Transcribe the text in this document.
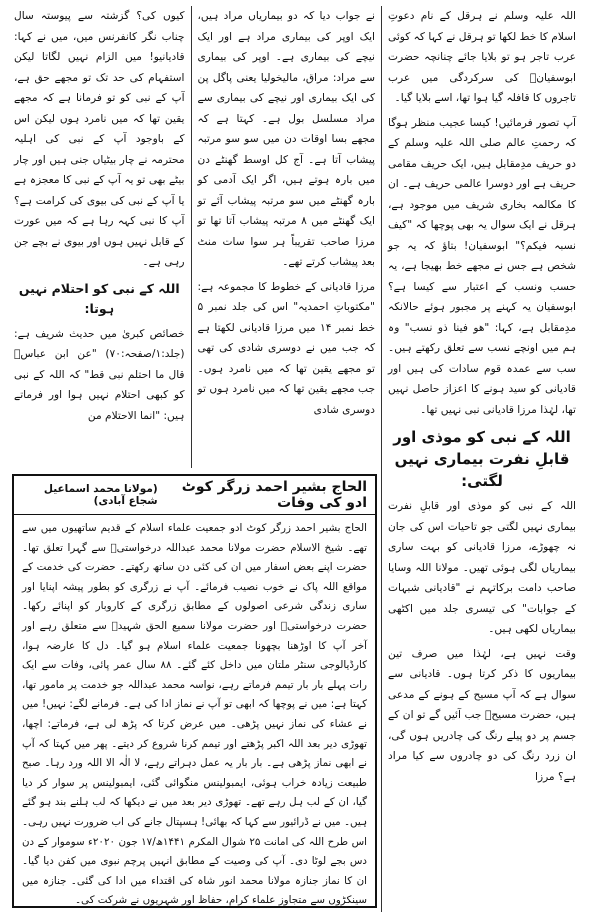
اللہ علیہ وسلم نے ہرقل کے نام دعوتِ اسلام کا خط لکھا تو ہرقل نے کہا کہ کوئی عرب تاجر ہو تو بلایا جائے چنانچہ حضرت ابوسفیانؓ کی سرکردگی میں عرب تاجروں کا قافلہ گیا ہوا تھا، اسے بلایا گیا۔

آپ تصور فرمائیں! کیسا عجیب منظر ہوگا کہ رحمتِ عالم صلی اللہ علیہ وسلم کے دو حریف مدِمقابل ہیں، ایک حریف مقامی حریف ہے اور دوسرا عالمی حریف ہے۔ ان کا مکالمہ بخاری شریف میں موجود ہے، ہرقل نے ایک سوال یہ بھی پوچھا کہ "کیف نسبہ فیکم؟" ابوسفیان! بتاؤ کہ یہ جو شخص ہے جس نے مجھے خط بھیجا ہے، یہ حسب ونسب کے اعتبار سے کیسا ہے؟ ابوسفیان یہ کہنے پر مجبور ہوئے حالانکہ مدِمقابل ہے، کہا: "ھو فینا ذو نسب" وہ ہم میں اونچے نسب سے تعلق رکھتے ہیں۔ سب سے عمدہ قوم سادات کی ہیں اور قادیانی کو سید ہونے کا اعزاز حاصل نہیں تھا، لہٰذا مرزا قادیانی نبی نہیں تھا۔

اللہ کے نبی کو موذی اور قابلِ نفرت بیماری نہیں لگتی:

اللہ کے نبی کو موذی اور قابلِ نفرت بیماری نہیں لگتی جو تاحیات اس کی جان نہ چھوڑے، مرزا قادیانی کو بہت ساری بیماریاں لگی ہوئی تھیں۔ مولانا اللہ وسایا صاحب دامت برکاتہم نے "قادیانی شبہات کے جوابات" کی تیسری جلد میں اکٹھی بیماریاں لکھی ہیں۔

وقت نہیں ہے، لہٰذا میں صرف تین بیماریوں کا ذکر کرتا ہوں۔ قادیانی سے سوال ہے کہ آپ مسیح کے ہونے کے مدعی ہیں، حضرت مسیحؑ جب آئیں گے تو ان کے جسم پر دو پیلے رنگ کی چادریں ہوں گی، ان زرد رنگ کی دو چادروں سے کیا مراد ہے؟ مرزا

نے جواب دیا کہ دو بیماریاں مراد ہیں، ایک اوپر کی بیماری مراد ہے اور ایک نیچے کی بیماری ہے۔ اوپر کی بیماری سے مراد: مراق، مالیخولیا یعنی پاگل پن کی ایک بیماری اور نیچے کی بیماری سے مراد مسلسل بول ہے۔ کہتا ہے کہ مجھے بسا اوقات دن میں سو سو مرتبہ پیشاب آتا ہے۔ آج کل اوسط گھنٹے دن میں بارہ ہوتے ہیں، اگر ایک آدمی کو بارہ گھنٹے میں سو مرتبہ پیشاب آئے تو ایک گھنٹے میں ۸ مرتبہ پیشاب آتا تھا تو مرزا صاحب تقریباً ہر سوا سات منٹ بعد پیشاب کرتے تھے۔

مرزا قادیانی کے خطوط کا مجموعہ ہے: "مکتوباتِ احمدیہ" اس کی جلد نمبر ۵ خط نمبر ۱۴ میں مرزا قادیانی لکھتا ہے کہ جب میں نے دوسری شادی کی تھی تو مجھے یقین تھا کہ میں نامرد ہوں۔ جب مجھے یقین تھا کہ میں نامرد ہوں تو دوسری شادی

کیوں کی؟ گزشتہ سے پیوستہ سال چناب نگر کانفرنس میں، میں نے کہا: قادیانیو! میں الزام نہیں لگاتا لیکن استفہام کی حد تک تو مجھے حق ہے، آپ کے نبی کو تو فرمانا ہے کہ مجھے یقین تھا کہ میں نامرد ہوں لیکن اس کے باوجود آپ کے نبی کی اہلیہ محترمہ نے چار بیٹیاں جنی ہیں اور چار بیٹے بھی تو یہ آپ کے نبی کا معجزہ ہے یا آپ کے نبی کی بیوی کی کرامت ہے؟ آپ کا نبی کہہ رہا ہے کہ میں عورت کے قابل نہیں ہوں اور بیوی نے بچے جن رہی ہے۔

اللہ کے نبی کو احتلام نہیں ہوتا:

خصائص کبریٰ میں حدیث شریف ہے: (جلد:۱/صفحہ:۷۰) "عن ابن عباسؓ قال ما احتلم نبی قط" کہ اللہ کے نبی کو کبھی احتلام نہیں ہوا اور فرماتے ہیں: "انما الاحتلام من

الحاج بشیر احمد زرگر کوٹ ادو کی وفات
(مولانا محمد اسماعیل شجاع آبادی)
الحاج بشیر احمد زرگر کوٹ ادو جمعیت علماء اسلام کے قدیم ساتھیوں میں سے تھے۔ شیخ الاسلام حضرت مولانا محمد عبداللہ درخواستیؒ سے گہرا تعلق تھا۔ حضرت اپنے بعض اسفار میں ان کی کئی دن ساتھ رکھتے۔ حضرت کی خدمت کے مواقع اللہ پاک نے خوب نصیب فرمائے۔ آپ نے زرگری کو بطور پیشہ اپنایا اور ساری زندگی شرعی اصولوں کے مطابق زرگری کے کاروبار کو اپنائے رکھا۔ حضرت درخواستیؒ اور حضرت مولانا سمیع الحق شہیدؒ سے متعلق رہے اور آخر آپ کا اوڑھنا بچھونا جمعیت علماء اسلام ہو گیا۔ دل کا عارضہ ہوا، کارڈیالوجی سنٹر ملتان میں داخل کئے گئے۔ ۸۸ سال عمر پائی، وفات سے ایک رات پہلے بار بار تیمم فرماتے رہے، نواسہ محمد عبداللہ جو خدمت پر مامور تھا، کہتا ہے: میں نے پوچھا کہ ابھی تو آپ نے نماز ادا کی ہے۔ فرمانے لگے: نہیں! میں نے عشاء کی نماز نہیں پڑھی۔ میں عرض کرتا کہ پڑھ لی ہے، فرماتے: اچھا، تھوڑی دیر بعد اللہ اکبر پڑھتے اور تیمم کرنا شروع کر دیتے۔ پھر میں کہتا کہ آپ نے ابھی نماز پڑھی ہے۔ بار بار یہ عمل دہراتے رہے، لا الٰہ الا اللہ ورد رہا۔ صبح طبیعت زیادہ خراب ہوئی، ایمبولینس منگوائی گئی، ایمبولینس پر سوار کر دیا گیا، ان کے لب ہل رہے تھے۔ تھوڑی دیر بعد میں نے دیکھا کہ لب ہلنے بند ہو گئے ہیں۔ میں نے ڈرائیور سے کہا کہ بھائی! ہسپتال جانے کی اب ضرورت نہیں رہی۔ اس طرح اللہ کی امانت ۲۵ شوال المکرم ۱۴۴۱ھ/۱۷ جون ۲۰۲۰ء سوموار کے دن دس بجے لوٹا دی۔ آپ کی وصیت کے مطابق انہیں پرچم نبوی میں کفن دیا گیا۔ ان کا نماز جنازہ مولانا محمد انور شاہ کی اقتداء میں ادا کی گئی۔ جنازہ میں سینکڑوں سے متجاوز علماء کرام، حفاظ اور شہریوں نے شرکت کی۔
